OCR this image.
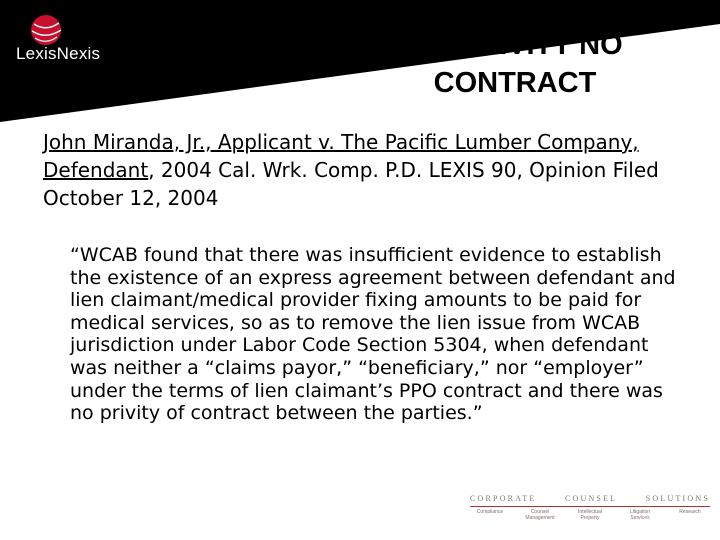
LexisNexis	NO PRIVITY NO CONTRACT
John Miranda, Jr., Applicant v. The Pacific Lumber Company, Defendant, 2004 Cal. Wrk. Comp. P.D. LEXIS 90, Opinion Filed October 12, 2004
“WCAB found that there was insufficient evidence to establish the existence of an express agreement between defendant and lien claimant/medical provider fixing amounts to be paid for medical services, so as to remove the lien issue from WCAB jurisdiction under Labor Code Section 5304, when defendant was neither a “claims payor,” “beneficiary,” nor “employer” under the terms of lien claimant’s PPO contract and there was no privity of contract between the parties.”
CORPORATE	COUNSEL	SOLUTIONS
Compliance	Counsel Management
Intellectual Property
Litigation Services
Research
